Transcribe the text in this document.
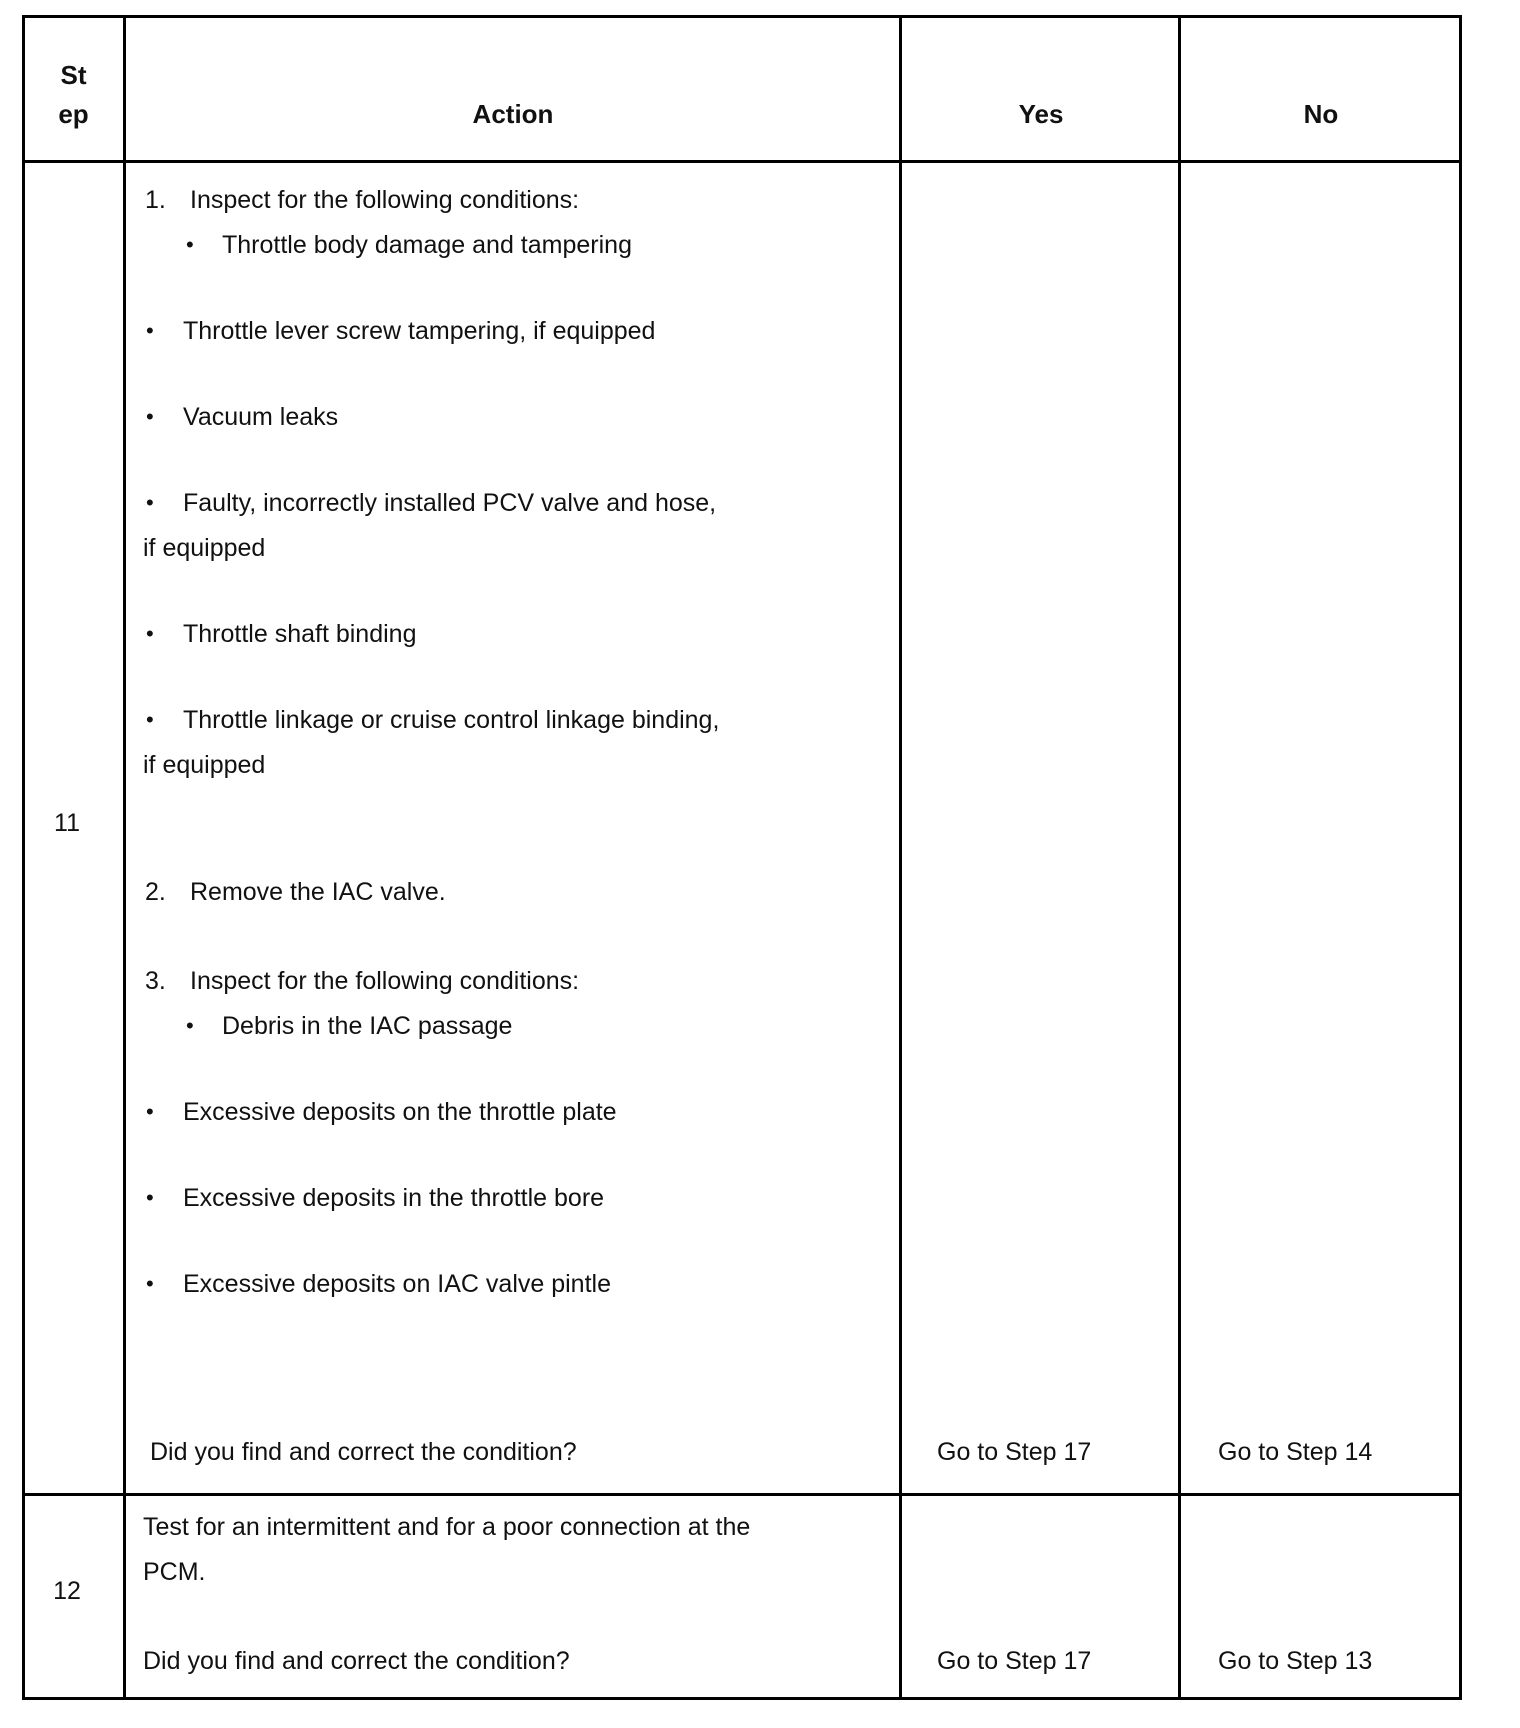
St
ep	Action	Yes	No
11
1. Inspect for the following conditions:
• Throttle body damage and tampering
• Throttle lever screw tampering, if equipped
• Vacuum leaks
• Faulty, incorrectly installed PCV valve and hose,
if equipped
• Throttle shaft binding
• Throttle linkage or cruise control linkage binding,
if equipped
2. Remove the IAC valve.
3. Inspect for the following conditions:
• Debris in the IAC passage
• Excessive deposits on the throttle plate
• Excessive deposits in the throttle bore
• Excessive deposits on IAC valve pintle
Did you find and correct the condition?	Go to Step 17	Go to Step 14
12
Test for an intermittent and for a poor connection at the
PCM.
Did you find and correct the condition?	Go to Step 17	Go to Step 13
